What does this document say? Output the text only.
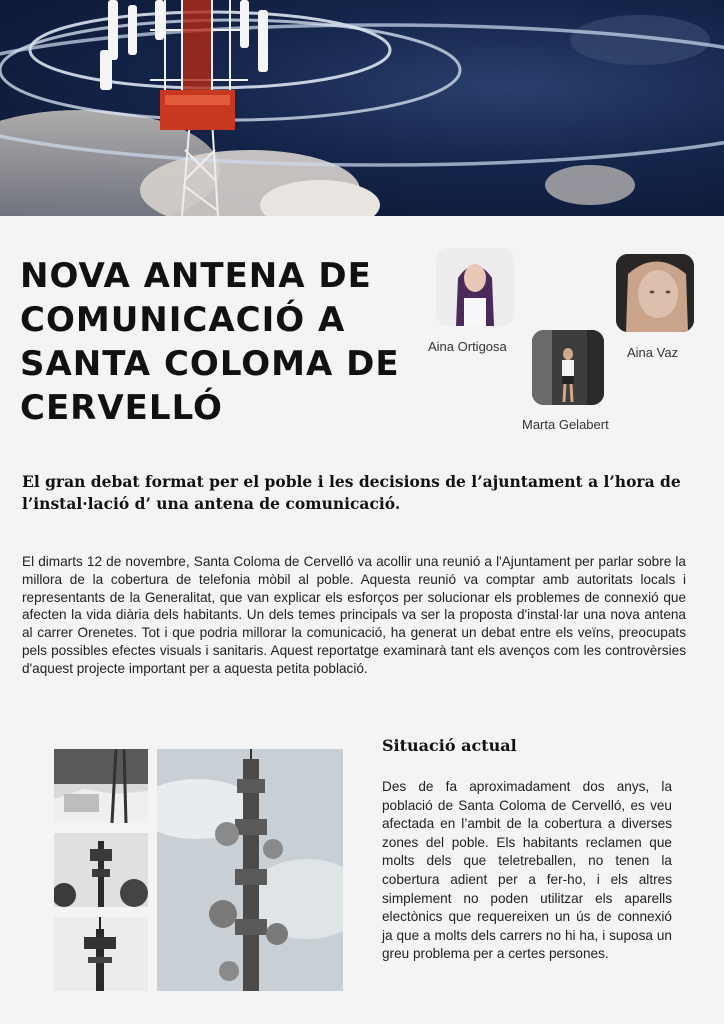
NOVA ANTENA DE COMUNICACIÓ A SANTA COLOMA DE CERVELLÓ
Aina Ortigosa	Aina Vaz
Marta Gelabert

El gran debat format per el poble i les decisions de l’ajuntament a l’hora de l’instal·lació d’ una antena de comunicació.

El dimarts 12 de novembre, Santa Coloma de Cervelló va acollir una reunió a l'Ajuntament per parlar sobre la millora de la cobertura de telefonia mòbil al poble. Aquesta reunió va comptar amb autoritats locals i representants de la Generalitat, que van explicar els esforços per solucionar els problemes de connexió que afecten la vida diària dels habitants. Un dels temes principals va ser la proposta d'instal·lar una nova antena al carrer Orenetes. Tot i que podria millorar la comunicació, ha generat un debat entre els veïns, preocupats pels possibles efectes visuals i sanitaris. Aquest reportatge examinarà tant els avenços com les controvèrsies d'aquest projecte important per a aquesta petita població.

Situació actual

Des de fa aproximadament dos anys, la població de Santa Coloma de Cervelló, es veu afectada en l’ambit de la cobertura a diverses zones del poble. Els habitants reclamen que molts dels que teletreballen, no tenen la cobertura adient per a fer-ho, i els altres simplement no poden utilitzar els aparells electònics que requereixen un ús de connexió ja que a molts dels carrers no hi ha, i suposa un greu problema per a certes persones.
